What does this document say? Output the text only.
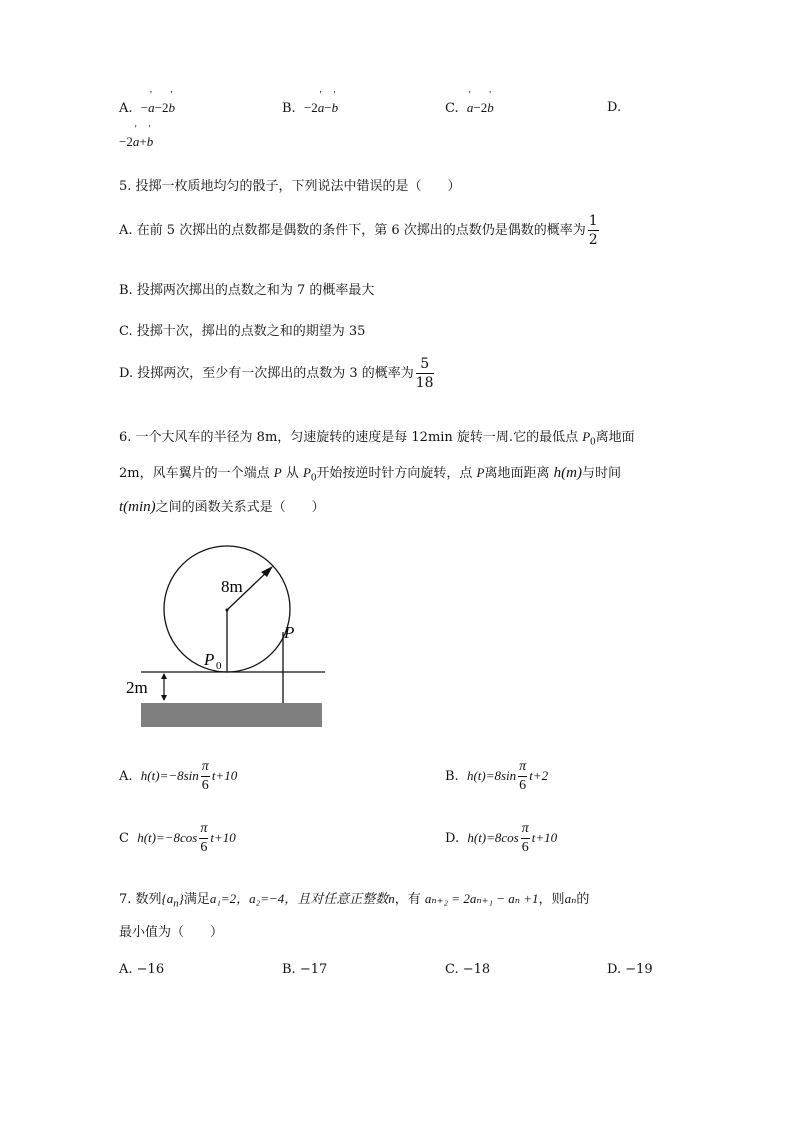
A. −' a−2' b	B. −2' a−' b	C.  ' a−2' b	D.
−2' a+' b
5. 投掷一枚质地均匀的骰子，下列说法中错误的是（　　）
A. 在前 5 次掷出的点数都是偶数的条件下，第 6 次掷出的点数仍是偶数的概率为 $\frac{1}{2}$
B. 投掷两次掷出的点数之和为 7 的概率最大
C. 投掷十次，掷出的点数之和的期望为 35
D. 投掷两次，至少有一次掷出的点数为 3 的概率为 $\frac{5}{18}$
6. 一个大风车的半径为 8m，匀速旋转的速度是每 12min 旋转一周.它的最低点 $P_0$离地面
2m，风车翼片的一个端点 P 从 $P_0$开始按逆时针方向旋转，点 P离地面距离 h(m)与时间
t(min)之间的函数关系式是（　　）
8m
P
P 0
2m
A. $h(t)=-8\sin \frac{\pi}{6} t+10$	B. $h(t)=8\sin \frac{\pi}{6} t+2$
C $h(t)=-8\cos \frac{\pi}{6} t+10$	D. $h(t)=8\cos \frac{\pi}{6} t+10$
7. 数列$\{a_n\}$满足a₁=2，a₂=−4，且对任意正整数n，有 aₙ₊₂ = 2aₙ₊₁ − aₙ +1，则aₙ的
最小值为（　　）
A. −16	B. −17	C. −18	D. −19
